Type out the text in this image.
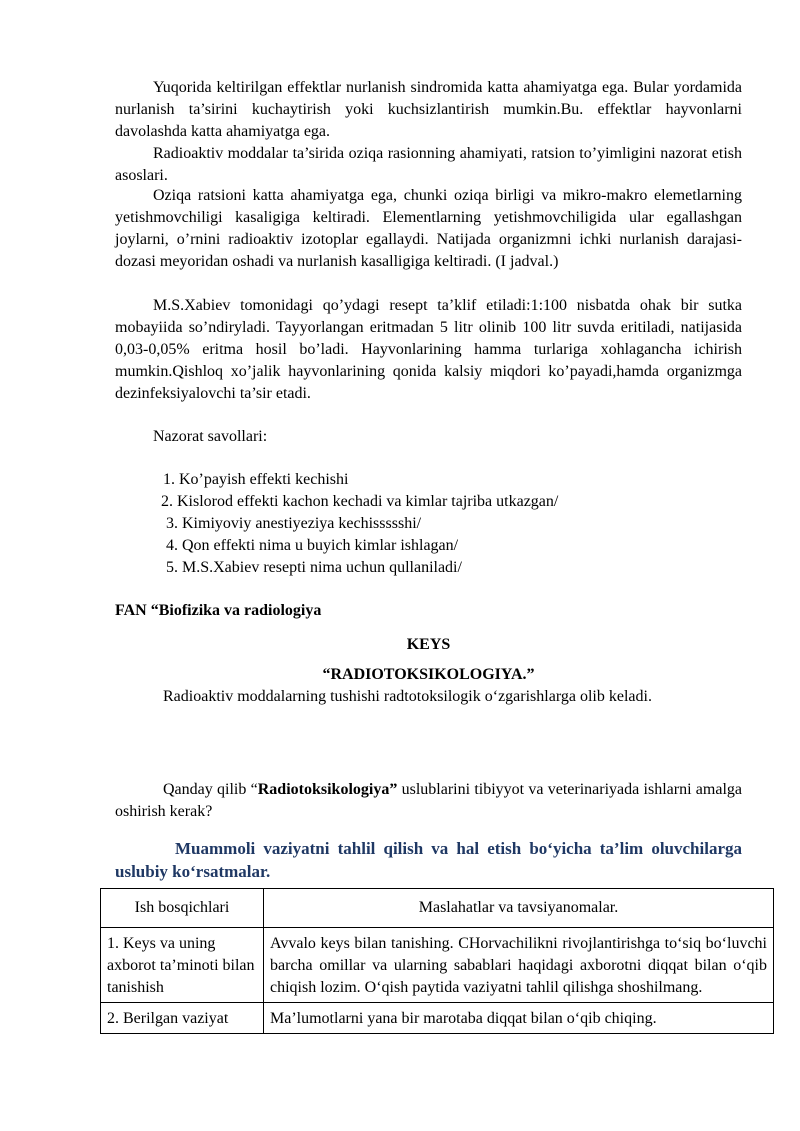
Yuqorida keltirilgan effektlar nurlanish sindromida katta ahamiyatga ega. Bular yordamida nurlanish ta’sirini kuchaytirish yoki kuchsizlantirish mumkin.Bu. effektlar hayvonlarni davolashda katta ahamiyatga ega.

Radioaktiv moddalar ta’sirida oziqa rasionning ahamiyati, ratsion to’yimligini nazorat etish asoslari.

Oziqa ratsioni katta ahamiyatga ega, chunki oziqa birligi va mikro-makro elemetlarning yetishmovchiligi kasaligiga keltiradi. Elementlarning yetishmovchiligida ular egallashgan joylarni, o’rnini radioaktiv izotoplar egallaydi. Natijada organizmni ichki nurlanish darajasi-dozasi meyoridan oshadi va nurlanish kasalligiga keltiradi. (I jadval.)

M.S.Xabiev tomonidagi qo’ydagi resept ta’klif etiladi:1:100 nisbatda ohak bir sutka mobayiida so’ndiryladi. Tayyorlangan eritmadan 5 litr olinib 100 litr suvda eritiladi, natijasida 0,03-0,05% eritma hosil bo’ladi. Hayvonlarining hamma turlariga xohlagancha ichirish mumkin.Qishloq xo’jalik hayvonlarining qonida kalsiy miqdori ko’payadi,hamda organizmga dezinfeksiyalovchi ta’sir etadi.

Nazorat savollari:

1. Ko’payish effekti kechishi

2. Kislorod effekti kachon kechadi va kimlar tajriba utkazgan/

3. Kimiyoviy anestiyeziya kechissssshi/

4. Qon effekti nima u buyich kimlar ishlagan/

5. M.S.Xabiev resepti nima uchun qullaniladi/

FAN “Biofizika va radiologiya

KEYS

“RADIOTOKSIKOLOGIYA.”

Radioaktiv moddalarning tushishi radtotoksilogik o‘zgarishlarga olib keladi.

Qanday qilib “Radiotoksikologiya” uslublarini tibiyyot va veterinariyada ishlarni amalga oshirish kerak?

Muammoli vaziyatni tahlil qilish va hal etish bo‘yicha ta’lim oluvchilarga uslubiy ko‘rsatmalar.

Ish bosqichlari	Maslahatlar va tavsiyanomalar.
1. Keys va uning axborot ta’minoti bilan tanishish	Avvalo keys bilan tanishing. CHorvachilikni rivojlantirishga to‘siq bo‘luvchi barcha omillar va ularning sabablari haqidagi axborotni diqqat bilan o‘qib chiqish lozim. O‘qish paytida vaziyatni tahlil qilishga shoshilmang.
2. Berilgan vaziyat	Ma’lumotlarni yana bir marotaba diqqat bilan o‘qib chiqing.
